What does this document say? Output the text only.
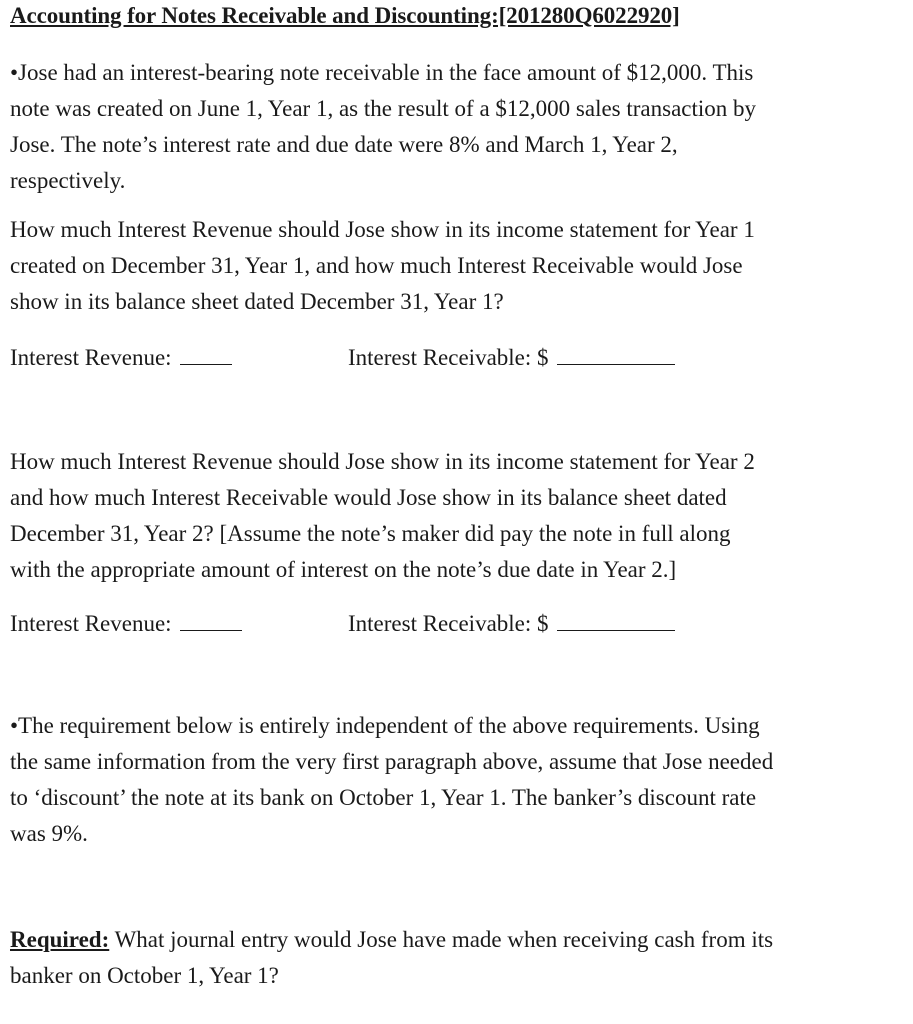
Accounting for Notes Receivable and Discounting:[201280Q6022920]
•Jose had an interest-bearing note receivable in the face amount of $12,000. This
note was created on June 1, Year 1, as the result of a $12,000 sales transaction by
Jose. The note’s interest rate and due date were 8% and March 1, Year 2,
respectively.
How much Interest Revenue should Jose show in its income statement for Year 1
created on December 31, Year 1, and how much Interest Receivable would Jose
show in its balance sheet dated December 31, Year 1?
Interest Revenue:	Interest Receivable: $
How much Interest Revenue should Jose show in its income statement for Year 2
and how much Interest Receivable would Jose show in its balance sheet dated
December 31, Year 2? [Assume the note’s maker did pay the note in full along
with the appropriate amount of interest on the note’s due date in Year 2.]
Interest Revenue:	Interest Receivable: $
•The requirement below is entirely independent of the above requirements. Using
the same information from the very first paragraph above, assume that Jose needed
to ‘discount’ the note at its bank on October 1, Year 1. The banker’s discount rate
was 9%.
Required: What journal entry would Jose have made when receiving cash from its
banker on October 1, Year 1?
